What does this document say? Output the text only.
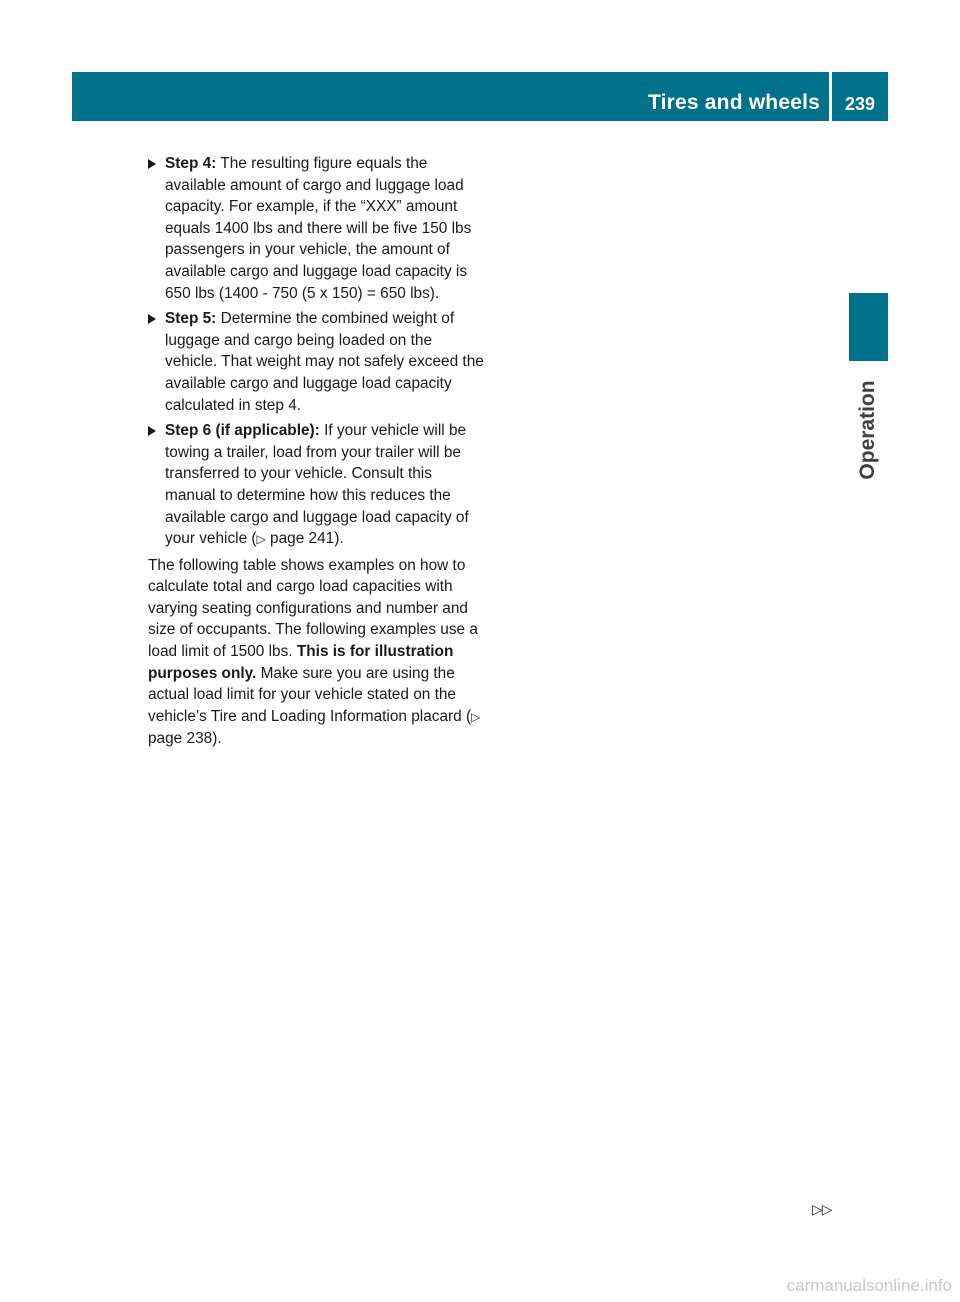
Tires and wheels	239
Operation
Step 4: The resulting figure equals the available amount of cargo and luggage load capacity. For example, if the “XXX” amount equals 1400 lbs and there will be five 150 lbs passengers in your vehicle, the amount of available cargo and luggage load capacity is 650 lbs (1400 - 750 (5 x 150) = 650 lbs).
Step 5: Determine the combined weight of luggage and cargo being loaded on the vehicle. That weight may not safely exceed the available cargo and luggage load capacity calculated in step 4.
Step 6 (if applicable): If your vehicle will be towing a trailer, load from your trailer will be transferred to your vehicle. Consult this manual to determine how this reduces the available cargo and luggage load capacity of your vehicle (▷ page 241).
The following table shows examples on how to calculate total and cargo load capacities with varying seating configurations and number and size of occupants. The following examples use a load limit of 1500 lbs. This is for illustration purposes only. Make sure you are using the actual load limit for your vehicle stated on the vehicle’s Tire and Loading Information placard (▷ page 238).
▷▷
carmanualsonline.info
